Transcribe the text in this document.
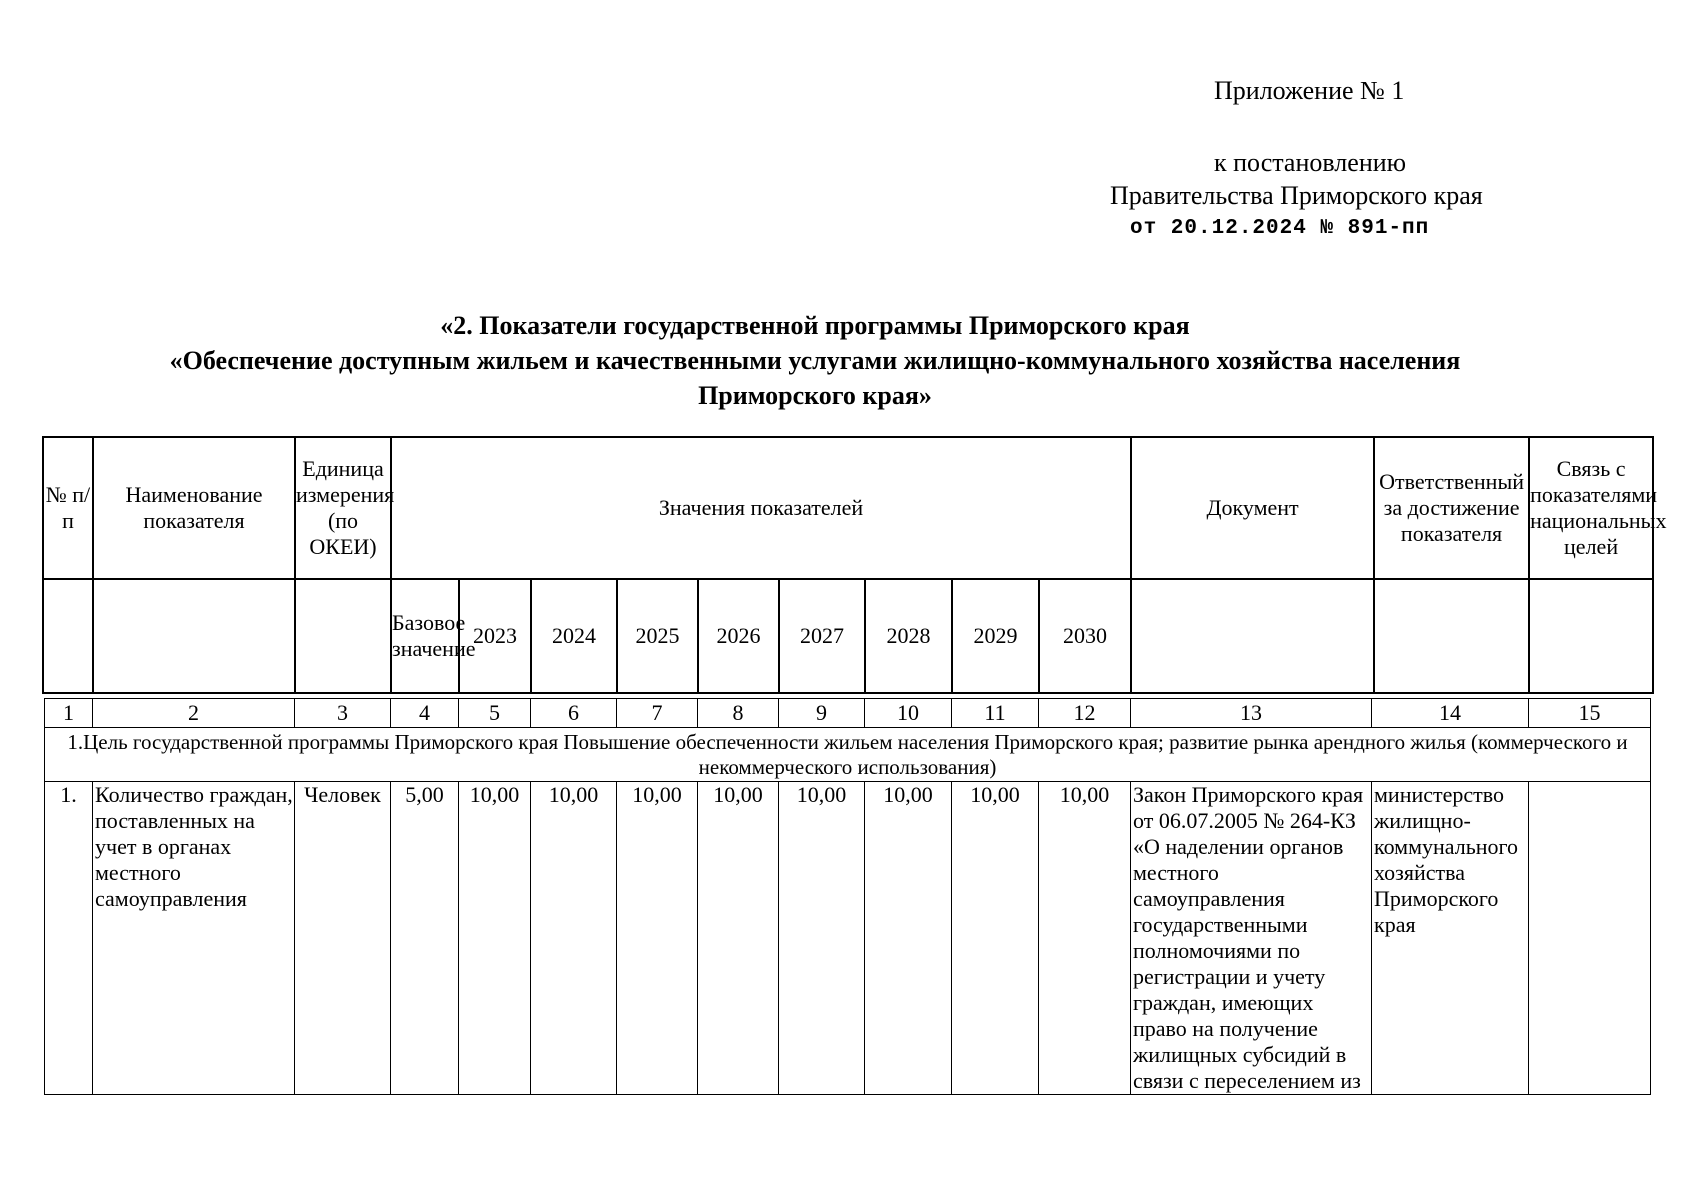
Приложение № 1
к постановлению
Правительства Приморского края
от 20.12.2024 № 891-пп
«2. Показатели государственной программы Приморского края
«Обеспечение доступным жильем и качественными услугами жилищно-коммунального хозяйства населения
Приморского края»
№ п/п	Наименование показателя	Единица измерения (по ОКЕИ)	Значения показателей									Документ	Ответственный за достижение показателя	Связь с показателями национальных целей
			Базовое значение	2023	2024	2025	2026	2027	2028	2029	2030			
1	2	3	4	5	6	7	8	9	10	11	12	13	14	15
1.Цель государственной программы Приморского края Повышение обеспеченности жильем населения Приморского края; развитие рынка арендного жилья (коммерческого и некоммерческого использования)														
1.	Количество граждан, поставленных на учет в органах местного самоуправления	Человек	5,00	10,00	10,00	10,00	10,00	10,00	10,00	10,00	10,00	Закон Приморского края от 06.07.2005 № 264-КЗ «О наделении органов местного самоуправления государственными полномочиями по регистрации и учету граждан, имеющих право на получение жилищных субсидий в связи с переселением из	министерство жилищно-коммунального хозяйства Приморского края	
